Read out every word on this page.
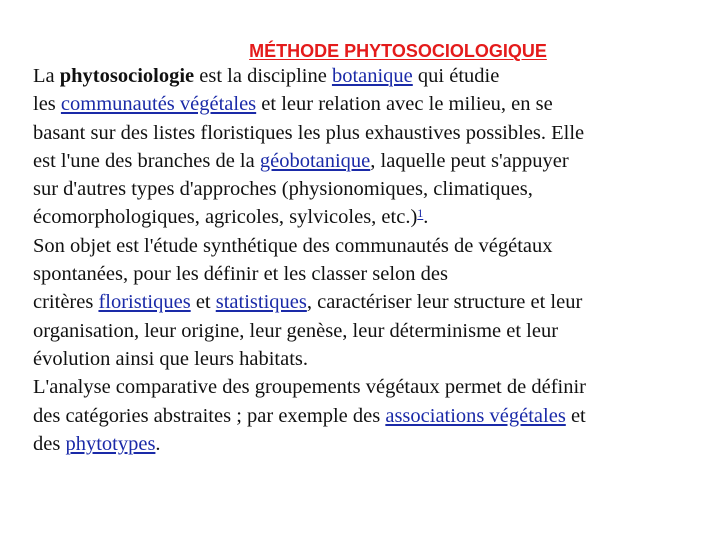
MÉTHODE PHYTOSOCIOLOGIQUE
La phytosociologie est la discipline botanique qui étudie
les communautés végétales et leur relation avec le milieu, en se
basant sur des listes floristiques les plus exhaustives possibles. Elle
est l'une des branches de la géobotanique, laquelle peut s'appuyer
sur d'autres types d'approches (physionomiques, climatiques,
écomorphologiques, agricoles, sylvicoles, etc.)$^1$.
Son objet est l'étude synthétique des communautés de végétaux
spontanées, pour les définir et les classer selon des
critères floristiques et statistiques, caractériser leur structure et leur
organisation, leur origine, leur genèse, leur déterminisme et leur
évolution ainsi que leurs habitats.
L'analyse comparative des groupements végétaux permet de définir
des catégories abstraites ; par exemple des associations végétales et
des phytotypes.
